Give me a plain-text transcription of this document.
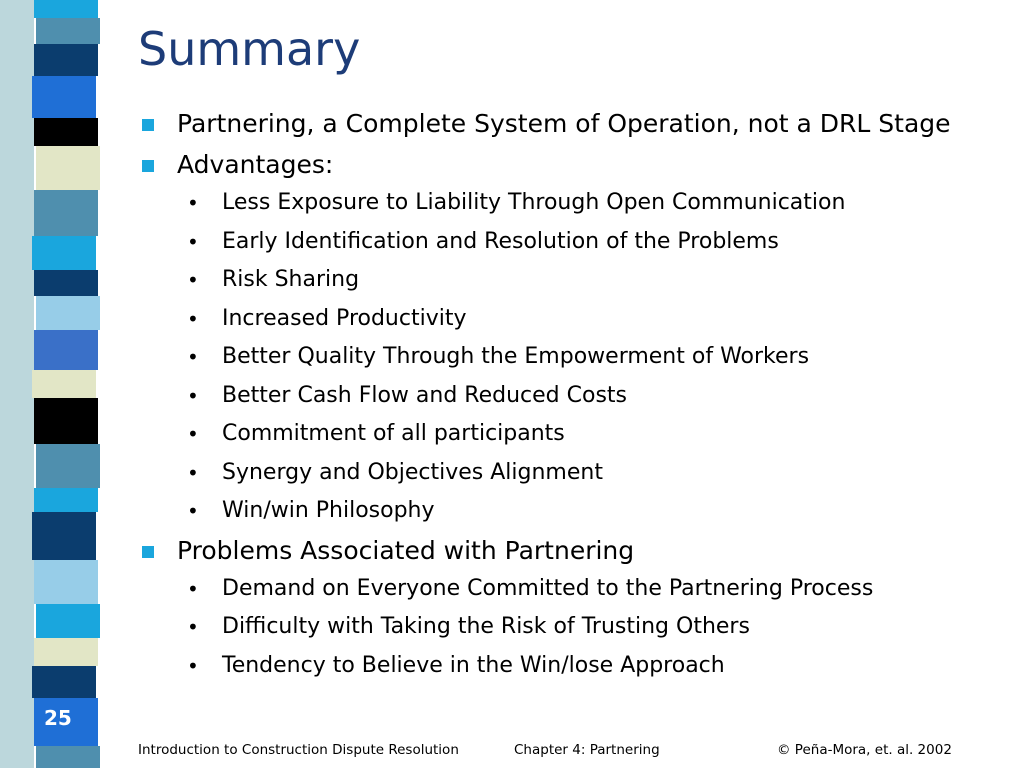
25
Summary
Partnering, a Complete System of Operation, not a DRL Stage
Advantages:
• Less Exposure to Liability Through Open Communication
• Early Identification and Resolution of the Problems
• Risk Sharing
• Increased Productivity
• Better Quality Through the Empowerment of Workers
• Better Cash Flow and Reduced Costs
• Commitment of all participants
• Synergy and Objectives Alignment
• Win/win Philosophy
Problems Associated with Partnering
• Demand on Everyone Committed to the Partnering Process
• Difficulty with Taking the Risk of Trusting Others
• Tendency to Believe in the Win/lose Approach
Introduction to Construction Dispute Resolution	Chapter 4: Partnering	© Peña-Mora, et. al. 2002
